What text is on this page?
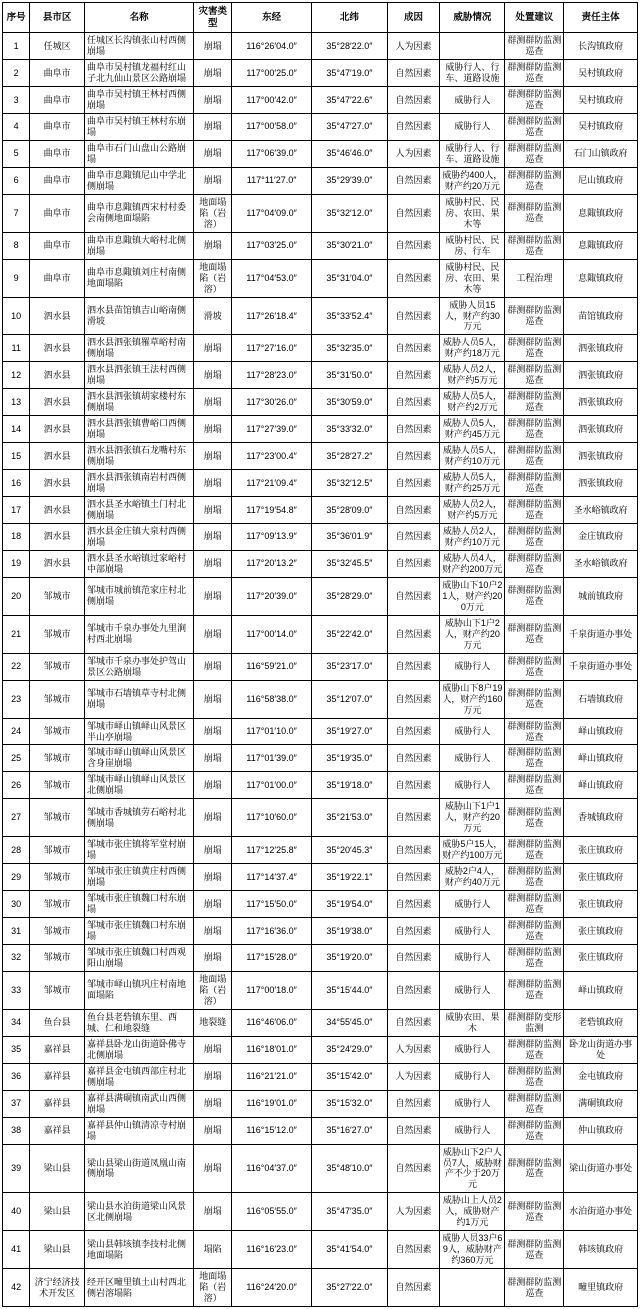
序号	县市区	名称	灾害类型	东经	北纬	成因	威胁情况	处置建议	责任主体
1	任城区	任城区长沟镇张山村西侧崩塌	崩塌	116°26′04.0″	35°28′22.0″	人为因素		群测群防监测巡查	长沟镇政府
2	曲阜市	曲阜市吴村镇龙福村红山子北九仙山景区公路崩塌	崩塌	117°00′25.0″	35°47′19.0″	自然因素	威胁行人、行车、道路设施	群测群防监测巡查	吴村镇政府
3	曲阜市	曲阜市吴村镇王林村西侧崩塌	崩塌	117°00′42.0″	35°47′22.6″	自然因素	威胁行人	群测群防监测巡查	吴村镇政府
4	曲阜市	曲阜市吴村镇王林村东崩塌	崩塌	117°00′58.0″	35°47′27.0″	自然因素	威胁行人	群测群防监测巡查	吴村镇政府
5	曲阜市	曲阜市石门山盘山公路崩塌	崩塌	117°06′39.0″	35°46′46.0″	人为因素	威胁行人、行车、道路设施	群测群防监测巡查	石门山镇政府
6	曲阜市	曲阜市息陬镇尼山中学北侧崩塌	崩塌	117°11′27.0″	35°29′39.0″	自然因素	威胁约400人，财产约20万元	群测群防监测巡查	尼山镇政府
7	曲阜市	曲阜市息陬镇西宋村村委会南侧地面塌陷	地面塌陷（岩溶）	117°04′09.0″	35°32′12.0″	自然因素	威胁村民、民房、农田、果木等	群测群防监测巡查	息陬镇政府
8	曲阜市	曲阜市息陬镇大峪村北侧崩塌	崩塌	117°03′25.0″	35°30′21.0″	自然因素	威胁村民、民房、行车	群测群防监测巡查	息陬镇政府
9	曲阜市	曲阜市息陬镇刘庄村南侧地面塌陷	地面塌陷（岩溶）	117°04′53.0″	35°31′04.0″	自然因素	威胁村民、民房、农田、果木等	工程治理	息陬镇政府
10	泗水县	泗水县苗馆镇吉山峪南侧滑坡	滑坡	117°26′18.4″	35°33′52.4″	自然因素	威胁人员15人，财产约30万元	群测群防监测巡查	苗馆镇政府
11	泗水县	泗水县泗张镇罹草峪村南侧崩塌	崩塌	117°27′16.0″	35°32′35.0″	自然因素	威胁人员5人，财产约18万元	群测群防监测巡查	泗张镇政府
12	泗水县	泗水县泗张镇王法村西侧崩塌	崩塌	117°28′23.0″	35°31′50.0″	自然因素	威胁人员2人，财产约5万元	群测群防监测巡查	泗张镇政府
13	泗水县	泗水县泗张镇胡家楼村东侧崩塌	崩塌	117°30′26.0″	35°30′59.0″	自然因素	威胁人员5人，财产约2万元	群测群防监测巡查	泗张镇政府
14	泗水县	泗水县泗张镇曹峪口西侧崩塌	崩塌	117°27′39.0″	35°33′32.0″	自然因素	威胁人员5人，财产约45万元	群测群防监测巡查	泗张镇政府
15	泗水县	泗水县泗张镇石龙嘴村东侧崩塌	崩塌	117°23′00.4″	35°28′27.2″	自然因素	威胁人员5人，财产约10万元	群测群防监测巡查	泗张镇政府
16	泗水县	泗水县泗张镇南岩村西侧崩塌	崩塌	117°21′09.4″	35°32′12.5″	自然因素	威胁人员5人，财产约25万元	群测群防监测巡查	泗张镇政府
17	泗水县	泗水县圣水峪镇土门村北侧崩塌	崩塌	117°19′54.8″	35°28′09.0″	自然因素	威胁人员2人，财产约5万元	群测群防监测巡查	圣水峪镇政府
18	泗水县	泗水县金庄镇大泉村西侧崩塌	崩塌	117°09′13.9″	35°36′01.9″	自然因素	威胁人员2人，财产约10万元	群测群防监测巡查	金庄镇政府
19	泗水县	泗水县圣水峪镇过家峪村中部崩塌	崩塌	117°20′13.2″	35°32′45.5″	自然因素	威胁人员4人，财产约200万元	群测群防监测巡查	圣水峪镇政府
20	邹城市	邹城市城前镇范家庄村北侧崩塌	崩塌	117°20′39.0″	35°28′29.0″	自然因素	威胁山下10户21人，财产约200万元	群测群防监测巡查	城前镇政府
21	邹城市	邹城市千泉办事处九里涧村西北崩塌	崩塌	117°00′14.0″	35°22′42.0″	自然因素	威胁山下1户2人，财产约20万元	群测群防监测巡查	千泉街道办事处
22	邹城市	邹城市千泉办事处护驾山景区公路崩塌	崩塌	116°59′21.0″	35°23′17.0″	自然因素	威胁行人	群测群防监测巡查	千泉街道办事处
23	邹城市	邹城市石墙镇草寺村北侧崩塌	崩塌	116°58′38.0″	35°12′07.0″	自然因素	威胁山下8户19人，财产约160万元	群测群防监测巡查	石墙镇政府
24	邹城市	邹城市峄山镇峄山风景区半山亭崩塌	崩塌	117°01′10.0″	35°19′27.0″	自然因素	威胁行人	群测群防监测巡查	峄山镇政府
25	邹城市	邹城市峄山镇峄山风景区含身崖崩塌	崩塌	117°01′39.0″	35°19′35.0″	自然因素	威胁行人	群测群防监测巡查	峄山镇政府
26	邹城市	邹城市峄山镇峄山风景区北侧崩塌	崩塌	117°01′00.0″	35°19′18.0″	自然因素	威胁行人	群测群防监测巡查	峄山镇政府
27	邹城市	邹城市香城镇劳石峪村北侧崩塌	崩塌	117°10′60.0″	35°21′53.0″	自然因素	威胁山下1户1人，财产约20万元	群测群防监测巡查	香城镇政府
28	邹城市	邹城市张庄镇将军堂村崩塌	崩塌	117°12′25.8″	35°20′45.3″	自然因素	威胁5户15人，财产约100万元	群测群防监测巡查	张庄镇政府
29	邹城市	邹城市张庄镇黄庄村西侧崩塌	崩塌	117°14′37.4″	35°19′22.1″	自然因素	威胁2户4人，财产约40万元	群测群防监测巡查	张庄镇政府
30	邹城市	邹城市张庄镇魏口村东崩塌	崩塌	117°15′50.0″	35°19′54.0″	自然因素	威胁行人	群测群防监测巡查	张庄镇政府
31	邹城市	邹城市张庄镇魏口村东崩塌	崩塌	117°16′36.0″	35°19′38.0″	自然因素	威胁行人	群测群防监测巡查	张庄镇政府
32	邹城市	邹城市张庄镇魏口村西观阳山崩塌	崩塌	117°15′28.0″	35°19′20.0″	自然因素	威胁行人	群测群防监测巡查	张庄镇政府
33	邹城市	邹城市峄山镇巩庄村南地面塌陷	地面塌陷（岩溶）	117°00′18.0″	35°15′44.0″	自然因素	威胁行人	群测群防监测巡查	峄山镇政府
34	鱼台县	鱼台县老砦镇东里、西城、仁和地裂缝	地裂缝	116°46′06.0″	34°55′45.0″	自然因素	威胁农田、果木	群测群防变形监测	老砦镇政府
35	嘉祥县	嘉祥县卧龙山街道卧佛寺北侧崩塌	崩塌	116°18′01.0″	35°24′29.0″	人为因素	威胁行人	群测群防监测巡查	卧龙山街道办事处
36	嘉祥县	嘉祥县金屯镇西部庄村北侧崩塌	崩塌	116°21′21.0″	35°15′42.0″	人为因素	威胁行人	群测群防监测巡查	金屯镇政府
37	嘉祥县	嘉祥县满硐镇南武山西侧崩塌	崩塌	116°19′01.0″	35°15′32.0″	自然因素	威胁行人	群测群防监测巡查	满硐镇政府
38	嘉祥县	嘉祥县仲山镇清凉寺村崩塌	崩塌	116°15′12.0″	35°16′27.0″	自然因素	威胁行人	群测群防监测巡查	仲山镇政府
39	梁山县	梁山县梁山街道凤凰山南侧崩塌	崩塌	116°04′37.0″	35°48′10.0″	自然因素	威胁山下2户人员7人，威胁财产不少于20万元	群测群防监测巡查	梁山街道办事处
40	梁山县	梁山县水泊街道梁山风景区北侧崩塌	崩塌	116°05′55.0″	35°47′35.0″	人为因素	威胁山上人员2人，威胁财产约1万元	群测群防监测巡查	水泊街道办事处
41	梁山县	梁山县韩垓镇李技村北侧地面塌陷	塌陷	116°16′23.0″	35°41′54.0″	自然因素	威胁人员33户69人，威胁财产约360万元	群测群防监测巡查	韩垓镇政府
42	济宁经济技术开发区	经开区疃里镇土山村西北侧岩溶塌陷	地面塌陷（岩溶）	116°24′20.0″	35°27′22.0″	自然因素		群测群防监测巡查	疃里镇政府
